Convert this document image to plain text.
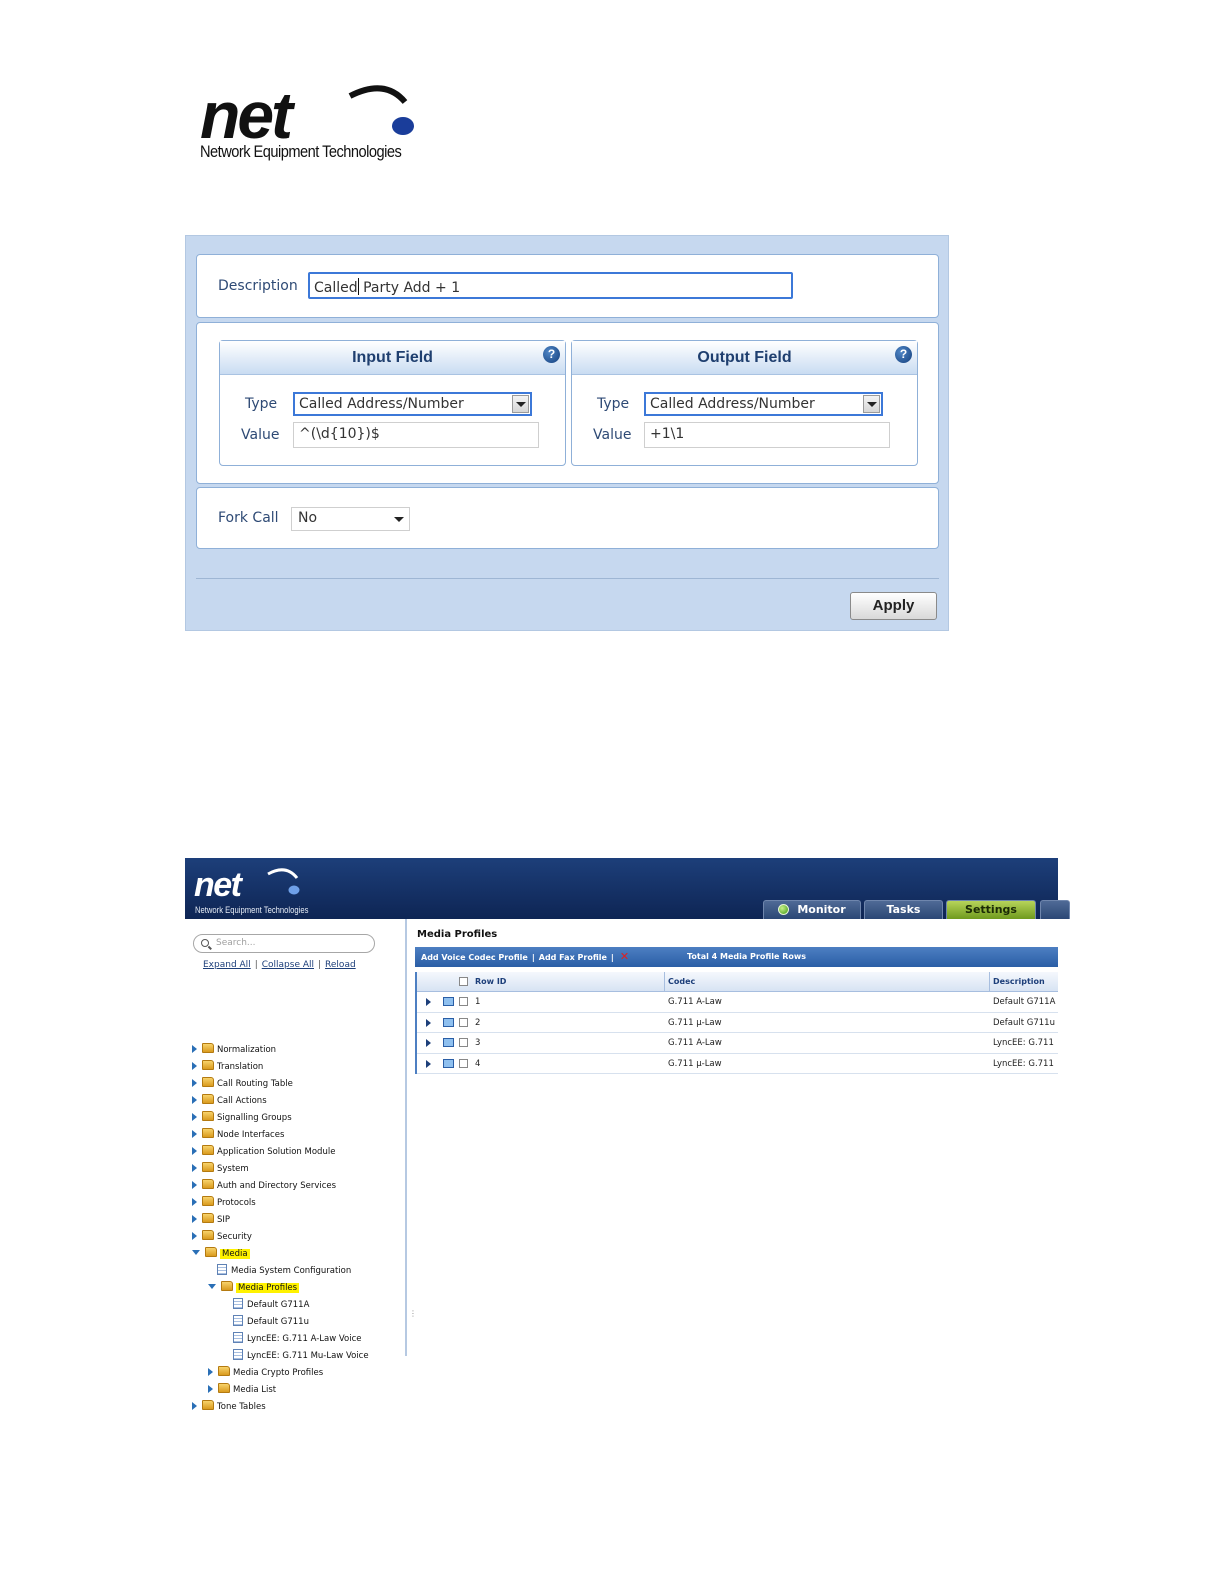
net
Network Equipment Technologies
Description	Called Party Add + 1
Input Field	?
Type	Called Address/Number
Value	^(\d{10})$
Output Field	?
Type	Called Address/Number
Value	+1\1
Fork Call	No
Apply
net
Network Equipment Technologies	Monitor	Tasks	Settings
Search...
Expand All | Collapse All | Reload
Normalization
Translation
Call Routing Table
Call Actions
Signalling Groups
Node Interfaces
Application Solution Module
System
Auth and Directory Services
Protocols
SIP
Security
Media
Media System Configuration
Media Profiles
Default G711A
Default G711u
LyncEE: G.711 A-Law Voice
LyncEE: G.711 Mu-Law Voice
Media Crypto Profiles
Media List
Tone Tables
⋮
Media Profiles
Add Voice Codec Profile | Add Fax Profile | ✕	Total 4 Media Profile Rows
Row ID	Codec	Description
1	G.711 A-Law	Default G711A
2	G.711 μ-Law	Default G711u
3	G.711 A-Law	LyncEE: G.711
4	G.711 μ-Law	LyncEE: G.711
